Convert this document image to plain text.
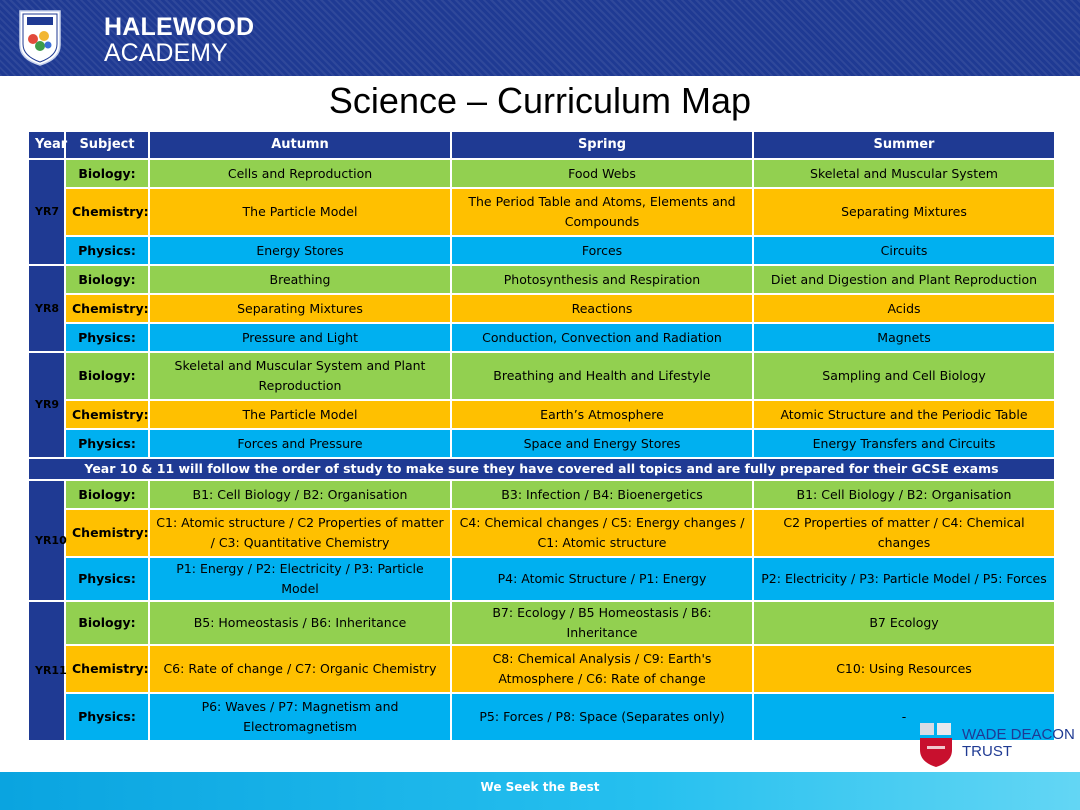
HALEWOOD
ACADEMY
Science – Curriculum Map
Year	Subject	Autumn	Spring	Summer
YR7	Biology:	Cells and Reproduction	Food Webs	Skeletal and Muscular System
	Chemistry:	The Particle Model	The Period Table and Atoms, Elements and Compounds	Separating Mixtures
	Physics:	Energy Stores	Forces	Circuits
YR8	Biology:	Breathing	Photosynthesis and Respiration	Diet and Digestion and Plant Reproduction
	Chemistry:	Separating Mixtures	Reactions	Acids
	Physics:	Pressure and Light	Conduction, Convection and Radiation	Magnets
YR9	Biology:	Skeletal and Muscular System and Plant Reproduction	Breathing and Health and Lifestyle	Sampling and Cell Biology
	Chemistry:	The Particle Model	Earth’s Atmosphere	Atomic Structure and the Periodic Table
	Physics:	Forces and Pressure	Space and Energy Stores	Energy Transfers and Circuits
Year 10 & 11 will follow the order of study to make sure they have covered all topics and are fully prepared for their GCSE exams				
YR10	Biology:	B1: Cell Biology / B2: Organisation	B3: Infection / B4: Bioenergetics	B1: Cell Biology / B2: Organisation
	Chemistry:	C1: Atomic structure / C2 Properties of matter / C3: Quantitative Chemistry	C4: Chemical changes / C5: Energy changes / C1: Atomic structure	C2 Properties of matter / C4: Chemical changes
	Physics:	P1: Energy / P2: Electricity / P3: Particle Model	P4: Atomic Structure / P1: Energy	P2: Electricity / P3: Particle Model / P5: Forces
YR11	Biology:	B5: Homeostasis / B6: Inheritance	B7: Ecology / B5 Homeostasis / B6: Inheritance	B7 Ecology
	Chemistry:	C6: Rate of change / C7: Organic Chemistry	C8: Chemical Analysis / C9: Earth's Atmosphere / C6: Rate of change	C10: Using Resources
	Physics:	P6: Waves / P7: Magnetism and Electromagnetism	P5: Forces / P8: Space (Separates only)	-
WADE DEACON
TRUST
We Seek the Best
